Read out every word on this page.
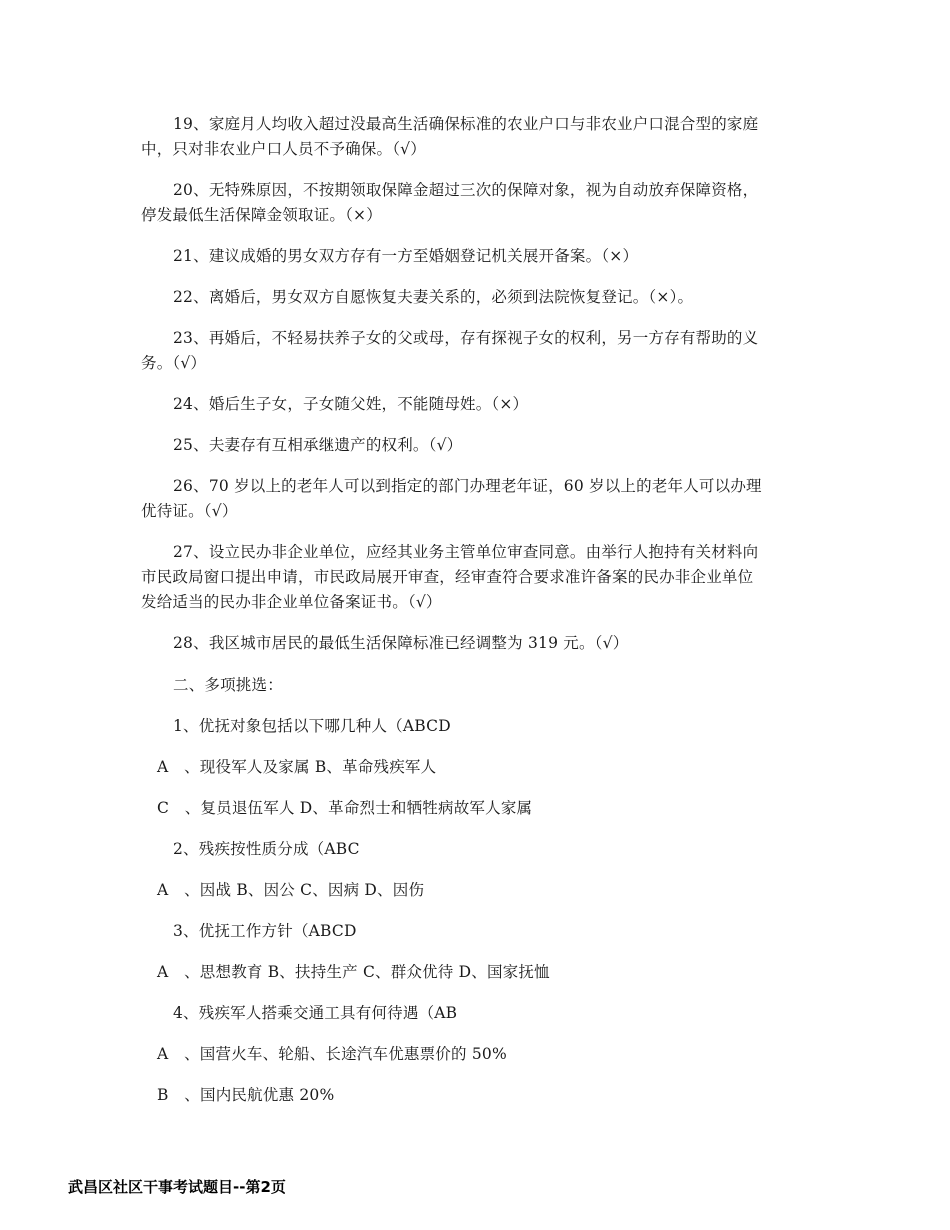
19、家庭月人均收入超过没最高生活确保标准的农业户口与非农业户口混合型的家庭
中，只对非农业户口人员不予确保。（√）
20、无特殊原因，不按期领取保障金超过三次的保障对象，视为自动放弃保障资格，
停发最低生活保障金领取证。（×）
21、建议成婚的男女双方存有一方至婚姻登记机关展开备案。（×）
22、离婚后，男女双方自愿恢复夫妻关系的，必须到法院恢复登记。（×）。
23、再婚后，不轻易扶养子女的父或母，存有探视子女的权利，另一方存有帮助的义
务。（√）
24、婚后生子女，子女随父姓，不能随母姓。（×）
25、夫妻存有互相承继遗产的权利。（√）
26、70 岁以上的老年人可以到指定的部门办理老年证，60 岁以上的老年人可以办理
优待证。（√）
27、设立民办非企业单位，应经其业务主管单位审查同意。由举行人抱持有关材料向
市民政局窗口提出申请，市民政局展开审查，经审查符合要求准许备案的民办非企业单位
发给适当的民办非企业单位备案证书。（√）
28、我区城市居民的最低生活保障标准已经调整为 319 元。（√）
二、多项挑选：
1、优抚对象包括以下哪几种人（ABCD
A　、现役军人及家属 B、革命残疾军人
C　、复员退伍军人 D、革命烈士和牺牲病故军人家属
2、残疾按性质分成（ABC
A　、因战 B、因公 C、因病 D、因伤
3、优抚工作方针（ABCD
A　、思想教育 B、扶持生产 C、群众优待 D、国家抚恤
4、残疾军人搭乘交通工具有何待遇（AB
A　、国营火车、轮船、长途汽车优惠票价的 50%
B　、国内民航优惠 20%
武昌区社区干事考试题目--第2页
